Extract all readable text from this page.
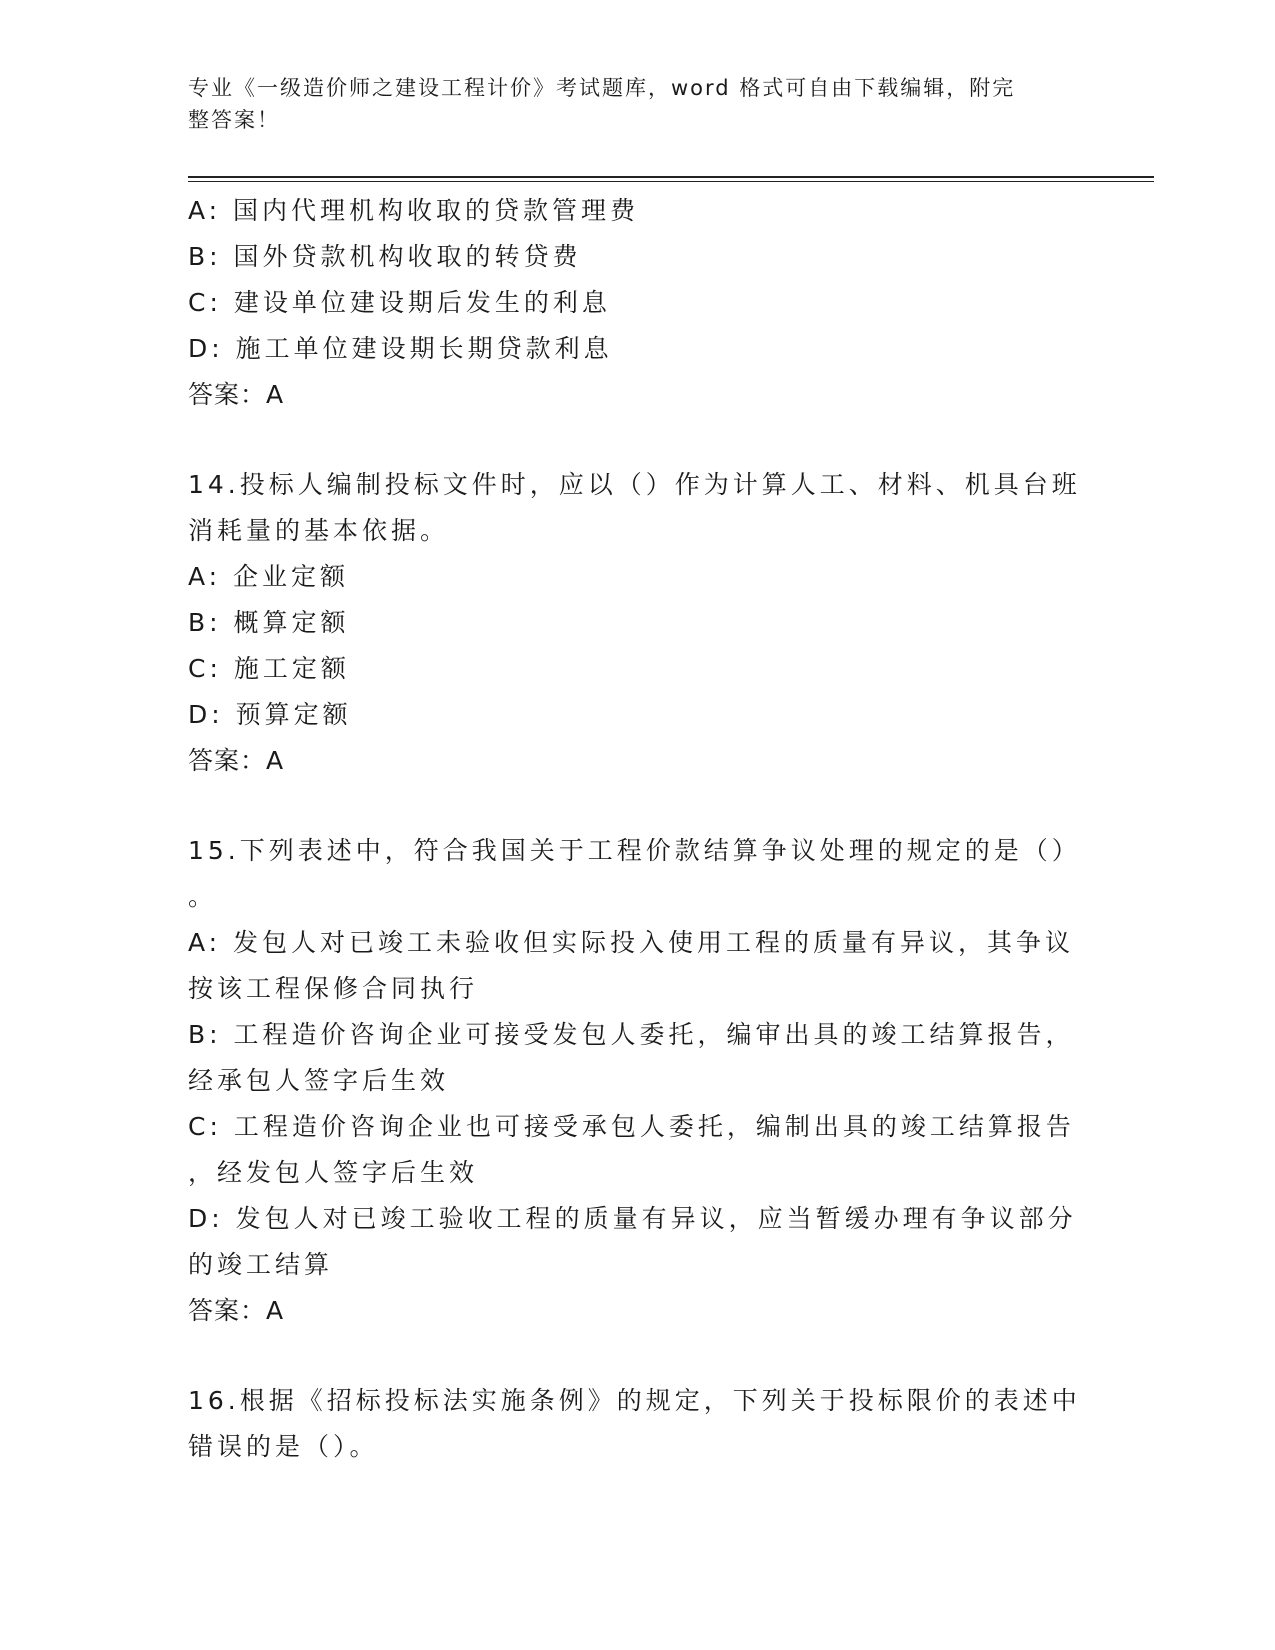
专业《一级造价师之建设工程计价》考试题库，word 格式可自由下载编辑，附完
整答案！
A: 国内代理机构收取的贷款管理费
B: 国外贷款机构收取的转贷费
C: 建设单位建设期后发生的利息
D: 施工单位建设期长期贷款利息
答案：A
14.投标人编制投标文件时，应以（）作为计算人工、材料、机具台班
消耗量的基本依据。
A: 企业定额
B: 概算定额
C: 施工定额
D: 预算定额
答案：A
15.下列表述中，符合我国关于工程价款结算争议处理的规定的是（）
。
A: 发包人对已竣工未验收但实际投入使用工程的质量有异议，其争议
按该工程保修合同执行
B: 工程造价咨询企业可接受发包人委托，编审出具的竣工结算报告，
经承包人签字后生效
C: 工程造价咨询企业也可接受承包人委托，编制出具的竣工结算报告
，经发包人签字后生效
D: 发包人对已竣工验收工程的质量有异议，应当暂缓办理有争议部分
的竣工结算
答案：A
16.根据《招标投标法实施条例》的规定，下列关于投标限价的表述中
错误的是（）。
